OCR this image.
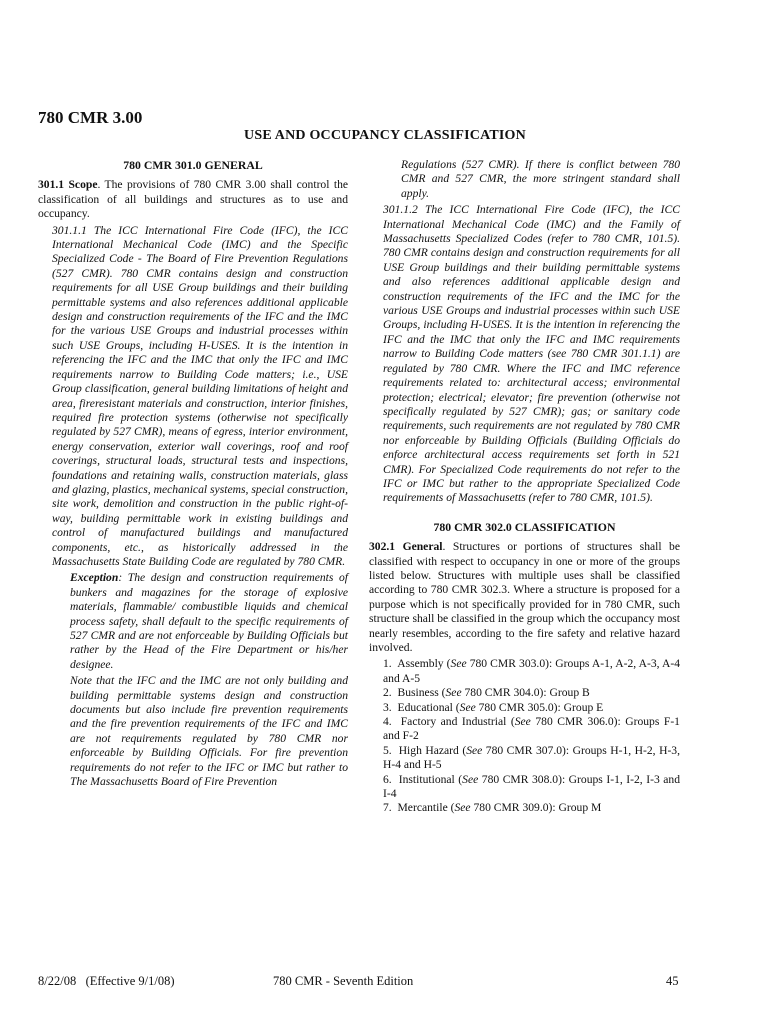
780 CMR 3.00
USE AND OCCUPANCY CLASSIFICATION
780 CMR 301.0 GENERAL

301.1 Scope. The provisions of 780 CMR 3.00 shall control the classification of all buildings and structures as to use and occupancy.

301.1.1 The ICC International Fire Code (IFC), the ICC International Mechanical Code (IMC) and the Specific Specialized Code - The Board of Fire Prevention Regulations (527 CMR). 780 CMR contains design and construction requirements for all USE Group buildings and their building permittable systems and also references additional applicable design and construction requirements of the IFC and the IMC for the various USE Groups and industrial processes within such USE Groups, including H-USES. It is the intention in referencing the IFC and the IMC that only the IFC and IMC requirements narrow to Building Code matters; i.e., USE Group classification, general building limitations of height and area, fireresistant materials and construction, interior finishes, required fire protection systems (otherwise not specifically regulated by 527 CMR), means of egress, interior environment, energy conservation, exterior wall coverings, roof and roof coverings, structural loads, structural tests and inspections, foundations and retaining walls, construction materials, glass and glazing, plastics, mechanical systems, special construction, site work, demolition and construction in the public right-of-way, building permittable work in existing buildings and control of manufactured buildings and manufactured components, etc., as historically addressed in the Massachusetts State Building Code are regulated by 780 CMR.

Exception: The design and construction requirements of bunkers and magazines for the storage of explosive materials, flammable/ combustible liquids and chemical process safety, shall default to the specific requirements of 527 CMR and are not enforceable by Building Officials but rather by the Head of the Fire Department or his/her designee.

Note that the IFC and the IMC are not only building and building permittable systems design and construction documents but also include fire prevention requirements and the fire prevention requirements of the IFC and IMC are not requirements regulated by 780 CMR nor enforceable by Building Officials. For fire prevention requirements do not refer to the IFC or IMC but rather to The Massachusetts Board of Fire Prevention

Regulations (527 CMR). If there is conflict between 780 CMR and 527 CMR, the more stringent standard shall apply.

301.1.2 The ICC International Fire Code (IFC), the ICC International Mechanical Code (IMC) and the Family of Massachusetts Specialized Codes (refer to 780 CMR, 101.5). 780 CMR contains design and construction requirements for all USE Group buildings and their building permittable systems and also references additional applicable design and construction requirements of the IFC and the IMC for the various USE Groups and industrial processes within such USE Groups, including H-USES. It is the intention in referencing the IFC and the IMC that only the IFC and IMC requirements narrow to Building Code matters (see 780 CMR 301.1.1) are regulated by 780 CMR. Where the IFC and IMC reference requirements related to: architectural access; environmental protection; electrical; elevator; fire prevention (otherwise not specifically regulated by 527 CMR); gas; or sanitary code requirements, such requirements are not regulated by 780 CMR nor enforceable by Building Officials (Building Officials do enforce architectural access requirements set forth in 521 CMR). For Specialized Code requirements do not refer to the IFC or IMC but rather to the appropriate Specialized Code requirements of Massachusetts (refer to 780 CMR, 101.5).

780 CMR 302.0 CLASSIFICATION

302.1 General. Structures or portions of structures shall be classified with respect to occupancy in one or more of the groups listed below. Structures with multiple uses shall be classified according to 780 CMR 302.3. Where a structure is proposed for a purpose which is not specifically provided for in 780 CMR, such structure shall be classified in the group which the occupancy most nearly resembles, according to the fire safety and relative hazard involved.

1. Assembly (See 780 CMR 303.0): Groups A-1, A-2, A-3, A-4 and A-5
2. Business (See 780 CMR 304.0): Group B
3. Educational (See 780 CMR 305.0): Group E
4. Factory and Industrial (See 780 CMR 306.0): Groups F-1 and F-2
5. High Hazard (See 780 CMR 307.0): Groups H-1, H-2, H-3, H-4 and H-5
6. Institutional (See 780 CMR 308.0): Groups I-1, I-2, I-3 and I-4
7. Mercantile (See 780 CMR 309.0): Group M
8/22/08   (Effective 9/1/08)	780 CMR - Seventh Edition	45
